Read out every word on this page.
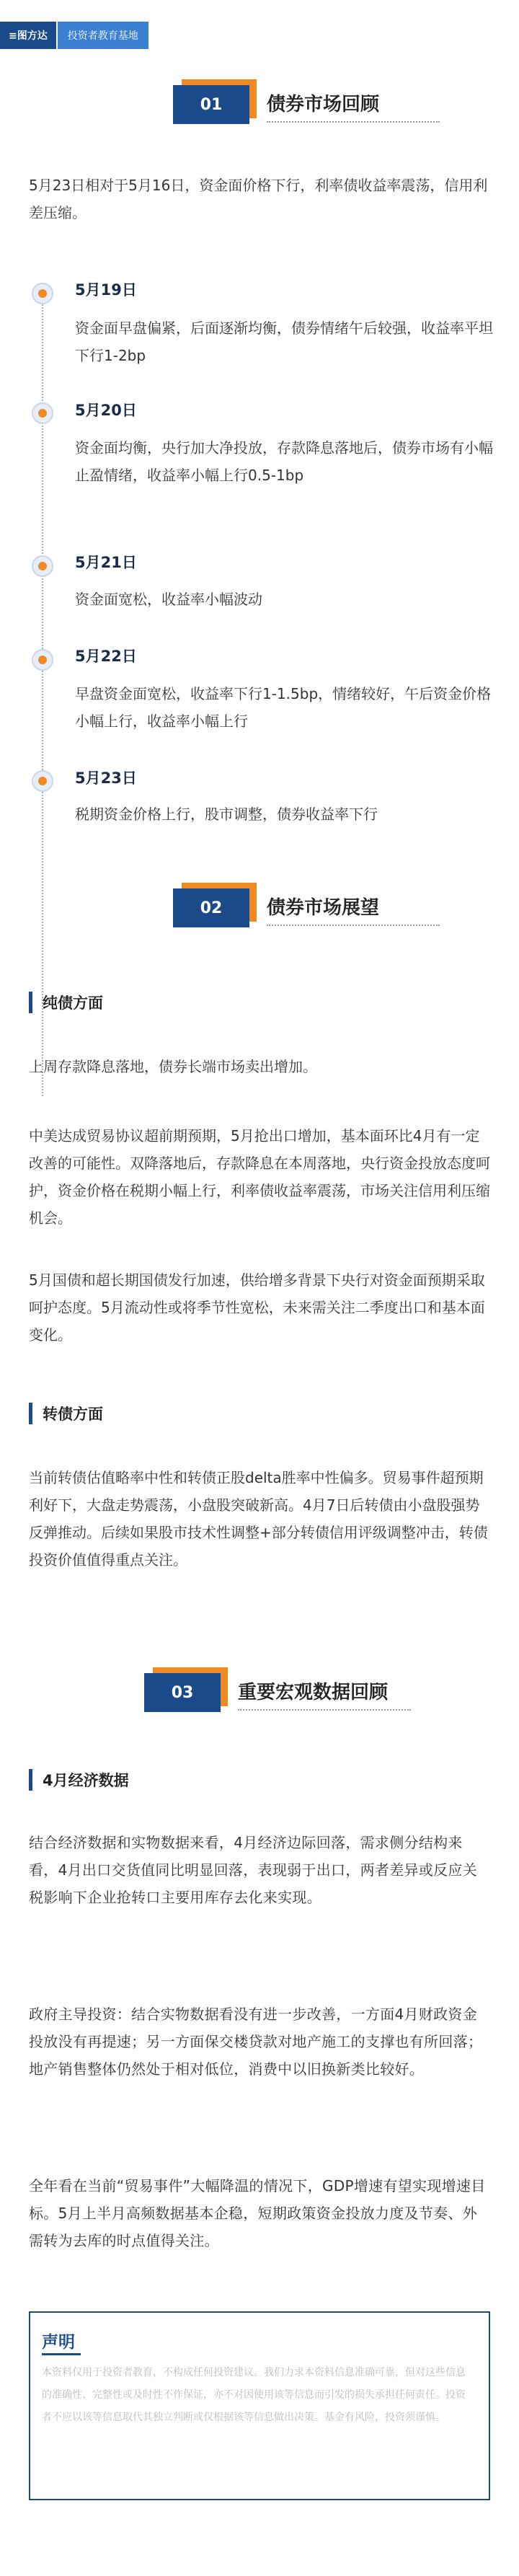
≡图方达	投资者教育基地
01	债券市场回顾
5月23日相对于5月16日，资金面价格下行，利率债收益率震荡，信用利差压缩。
5月19日
资金面早盘偏紧，后面逐渐均衡，债券情绪午后较强，收益率平坦下行1-2bp
5月20日
资金面均衡，央行加大净投放，存款降息落地后，债券市场有小幅止盈情绪，收益率小幅上行0.5-1bp
5月21日
资金面宽松，收益率小幅波动
5月22日
早盘资金面宽松，收益率下行1-1.5bp，情绪较好，午后资金价格小幅上行，收益率小幅上行
5月23日
税期资金价格上行，股市调整，债券收益率下行
02	债券市场展望
纯债方面
上周存款降息落地，债券长端市场卖出增加。
中美达成贸易协议超前期预期，5月抢出口增加，基本面环比4月有一定改善的可能性。双降落地后，存款降息在本周落地，央行资金投放态度呵护，资金价格在税期小幅上行，利率债收益率震荡，市场关注信用利压缩机会。
5月国债和超长期国债发行加速，供给增多背景下央行对资金面预期采取呵护态度。5月流动性或将季节性宽松，未来需关注二季度出口和基本面变化。
转债方面
当前转债估值略率中性和转债正股delta胜率中性偏多。贸易事件超预期利好下，大盘走势震荡，小盘股突破新高。4月7日后转债由小盘股强势反弹推动。后续如果股市技术性调整+部分转债信用评级调整冲击，转债投资价值值得重点关注。
03	重要宏观数据回顾
4月经济数据
结合经济数据和实物数据来看，4月经济边际回落，需求侧分结构来看，4月出口交货值同比明显回落，表现弱于出口，两者差异或反应关税影响下企业抢转口主要用库存去化来实现。
政府主导投资：结合实物数据看没有进一步改善，一方面4月财政资金投放没有再提速；另一方面保交楼贷款对地产施工的支撑也有所回落；地产销售整体仍然处于相对低位，消费中以旧换新类比较好。
全年看在当前“贸易事件”大幅降温的情况下，GDP增速有望实现增速目标。5月上半月高频数据基本企稳，短期政策资金投放力度及节奏、外需转为去库的时点值得关注。
声明
本资料仅用于投资者教育，不构成任何投资建议。我们力求本资料信息准确可靠，但对这些信息的准确性、完整性或及时性不作保证，亦不对因使用该等信息而引发的损失承担任何责任。投资者不应以该等信息取代其独立判断或仅根据该等信息做出决策。基金有风险，投资须谨慎。
